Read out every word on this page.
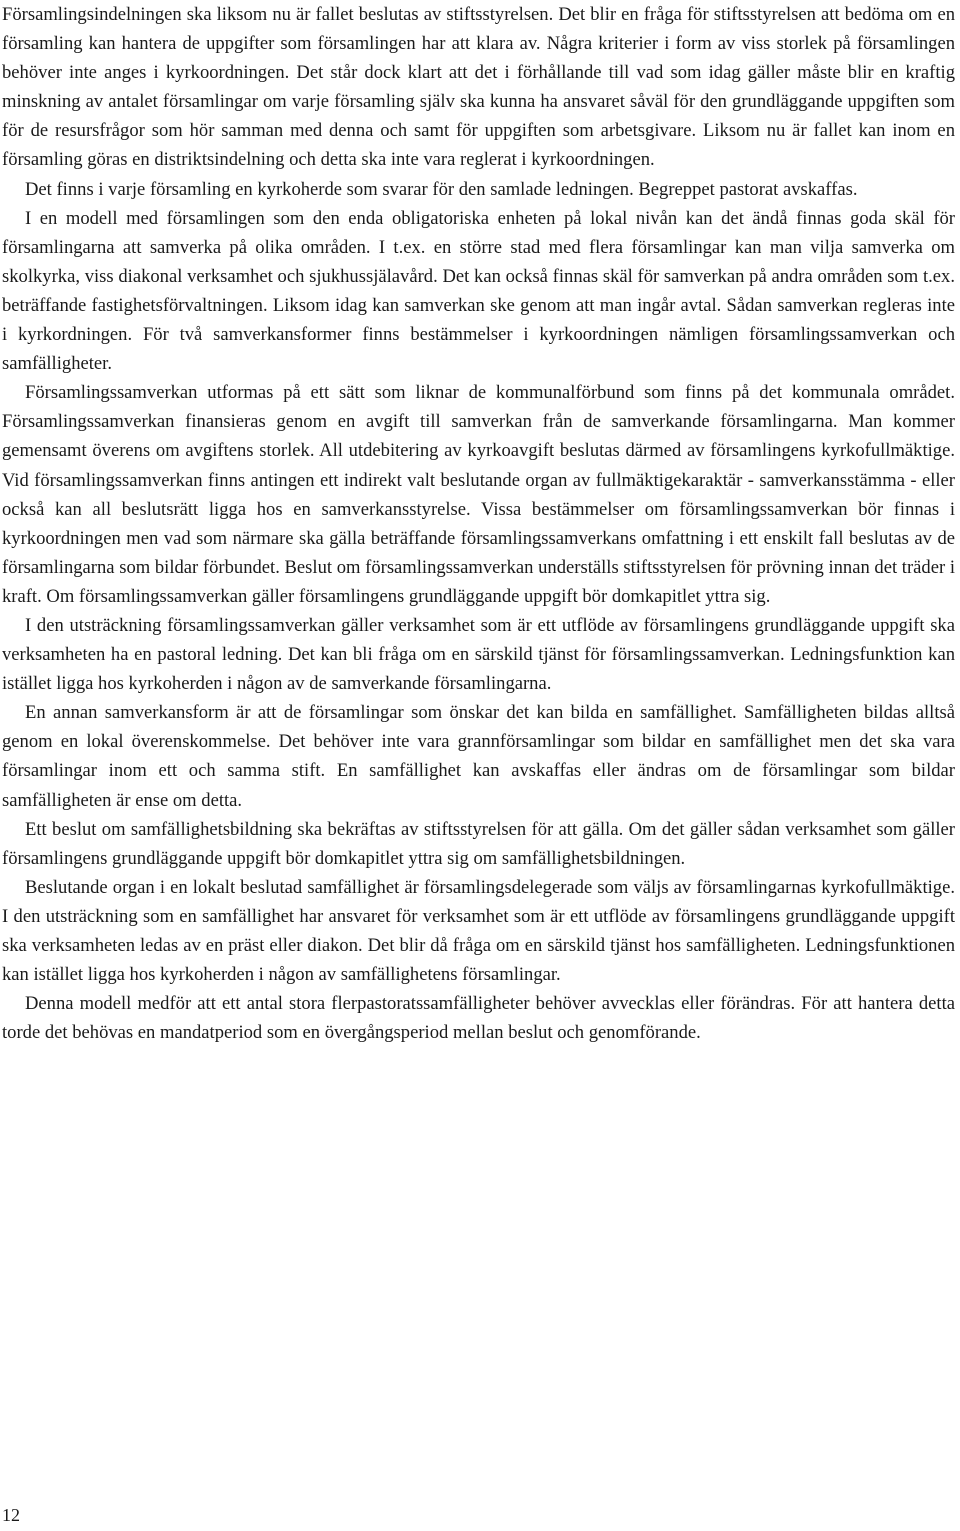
Församlingsindelningen ska liksom nu är fallet beslutas av stiftsstyrelsen. Det blir en fråga för stiftsstyrelsen att bedöma om en församling kan hantera de uppgifter som församlingen har att klara av. Några kriterier i form av viss storlek på församlingen behöver inte anges i kyrkoordningen. Det står dock klart att det i förhållande till vad som idag gäller måste blir en kraftig minskning av antalet församlingar om varje församling själv ska kunna ha ansvaret såväl för den grundläggande uppgiften som för de resursfrågor som hör samman med denna och samt för uppgiften som arbetsgivare. Liksom nu är fallet kan inom en församling göras en distriktsindelning och detta ska inte vara reglerat i kyrkoordningen.

Det finns i varje församling en kyrkoherde som svarar för den samlade ledningen. Begreppet pastorat avskaffas.

I en modell med församlingen som den enda obligatoriska enheten på lokal nivån kan det ändå finnas goda skäl för församlingarna att samverka på olika områden. I t.ex. en större stad med flera församlingar kan man vilja samverka om skolkyrka, viss diakonal verksamhet och sjukhussjälavård. Det kan också finnas skäl för samverkan på andra områden som t.ex. beträffande fastighetsförvaltningen. Liksom idag kan samverkan ske genom att man ingår avtal. Sådan samverkan regleras inte i kyrkordningen. För två samverkansformer finns bestämmelser i kyrkoordningen nämligen församlingssamverkan och samfälligheter.

Församlingssamverkan utformas på ett sätt som liknar de kommunalförbund som finns på det kommunala området. Församlingssamverkan finansieras genom en avgift till samverkan från de samverkande församlingarna. Man kommer gemensamt överens om avgiftens storlek. All utdebitering av kyrkoavgift beslutas därmed av församlingens kyrkofullmäktige. Vid församlingssamverkan finns antingen ett indirekt valt beslutande organ av fullmäktigekaraktär - samverkansstämma - eller också kan all beslutsrätt ligga hos en samverkansstyrelse. Vissa bestämmelser om församlingssamverkan bör finnas i kyrkoordningen men vad som närmare ska gälla beträffande församlingssamverkans omfattning i ett enskilt fall beslutas av de församlingarna som bildar förbundet. Beslut om församlingssamverkan underställs stiftsstyrelsen för prövning innan det träder i kraft. Om församlingssamverkan gäller församlingens grundläggande uppgift bör domkapitlet yttra sig.

I den utsträckning församlingssamverkan gäller verksamhet som är ett utflöde av församlingens grundläggande uppgift ska verksamheten ha en pastoral ledning. Det kan bli fråga om en särskild tjänst för församlingssamverkan. Ledningsfunktion kan istället ligga hos kyrkoherden i någon av de samverkande församlingarna.

En annan samverkansform är att de församlingar som önskar det kan bilda en samfällighet. Samfälligheten bildas alltså genom en lokal överenskommelse. Det behöver inte vara grannförsamlingar som bildar en samfällighet men det ska vara församlingar inom ett och samma stift. En samfällighet kan avskaffas eller ändras om de församlingar som bildar samfälligheten är ense om detta.

Ett beslut om samfällighetsbildning ska bekräftas av stiftsstyrelsen för att gälla. Om det gäller sådan verksamhet som gäller församlingens grundläggande uppgift bör domkapitlet yttra sig om samfällighetsbildningen.

Beslutande organ i en lokalt beslutad samfällighet är församlingsdelegerade som väljs av församlingarnas kyrkofullmäktige. I den utsträckning som en samfällighet har ansvaret för verksamhet som är ett utflöde av församlingens grundläggande uppgift ska verksamheten ledas av en präst eller diakon. Det blir då fråga om en särskild tjänst hos samfälligheten. Ledningsfunktionen kan istället ligga hos kyrkoherden i någon av samfällighetens församlingar.

Denna modell medför att ett antal stora flerpastoratssamfälligheter behöver avvecklas eller förändras. För att hantera detta torde det behövas en mandatperiod som en övergångsperiod mellan beslut och genomförande.

12
